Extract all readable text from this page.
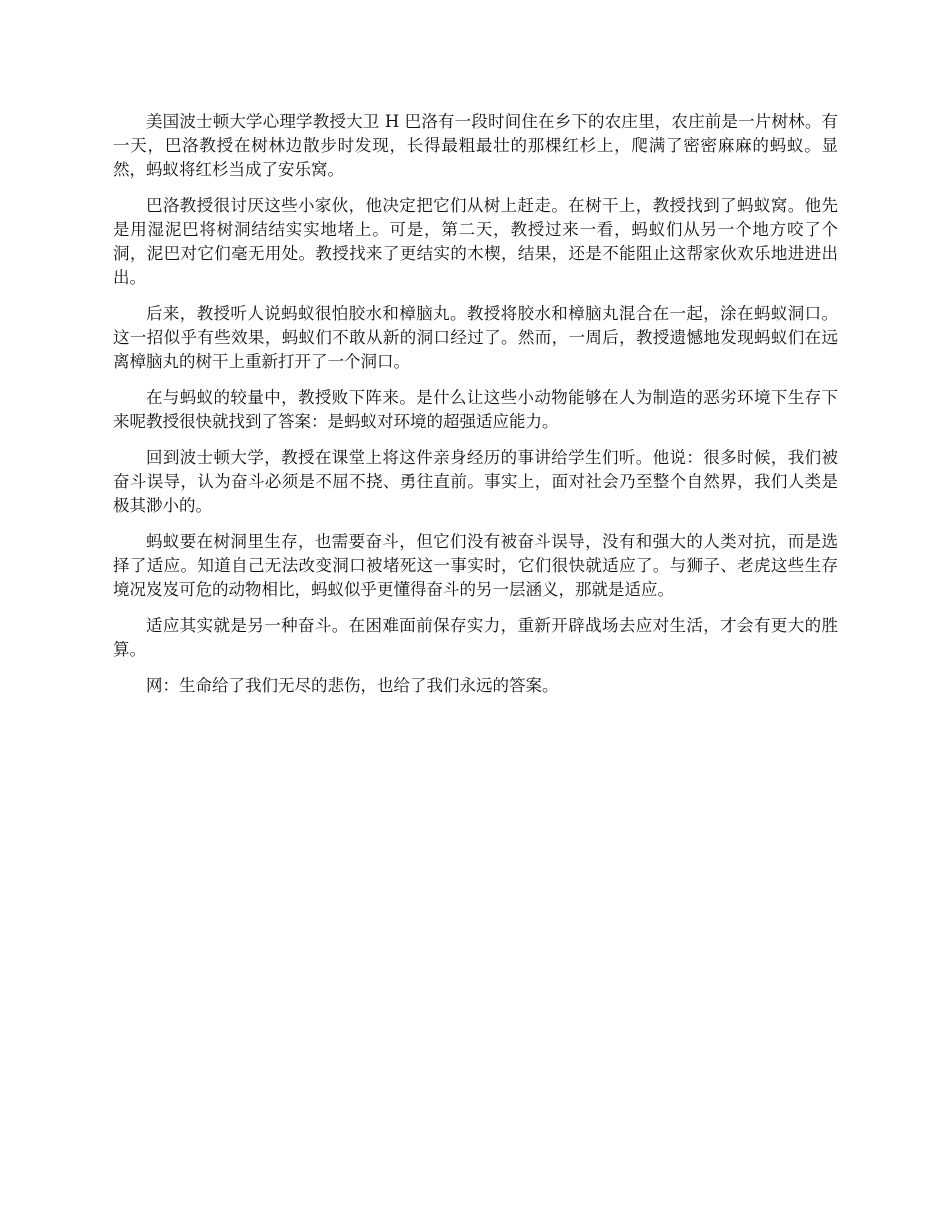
美国波士顿大学心理学教授大卫 H 巴洛有一段时间住在乡下的农庄里，农庄前是一片树林。有一天，巴洛教授在树林边散步时发现，长得最粗最壮的那棵红杉上，爬满了密密麻麻的蚂蚁。显然，蚂蚁将红杉当成了安乐窝。

巴洛教授很讨厌这些小家伙，他决定把它们从树上赶走。在树干上，教授找到了蚂蚁窝。他先是用湿泥巴将树洞结结实实地堵上。可是，第二天，教授过来一看，蚂蚁们从另一个地方咬了个洞，泥巴对它们毫无用处。教授找来了更结实的木楔，结果，还是不能阻止这帮家伙欢乐地进进出出。

后来，教授听人说蚂蚁很怕胶水和樟脑丸。教授将胶水和樟脑丸混合在一起，涂在蚂蚁洞口。这一招似乎有些效果，蚂蚁们不敢从新的洞口经过了。然而，一周后，教授遗憾地发现蚂蚁们在远离樟脑丸的树干上重新打开了一个洞口。

在与蚂蚁的较量中，教授败下阵来。是什么让这些小动物能够在人为制造的恶劣环境下生存下来呢教授很快就找到了答案：是蚂蚁对环境的超强适应能力。

回到波士顿大学，教授在课堂上将这件亲身经历的事讲给学生们听。他说：很多时候，我们被奋斗误导，认为奋斗必须是不屈不挠、勇往直前。事实上，面对社会乃至整个自然界，我们人类是极其渺小的。

蚂蚁要在树洞里生存，也需要奋斗，但它们没有被奋斗误导，没有和强大的人类对抗，而是选择了适应。知道自己无法改变洞口被堵死这一事实时，它们很快就适应了。与狮子、老虎这些生存境况岌岌可危的动物相比，蚂蚁似乎更懂得奋斗的另一层涵义，那就是适应。

适应其实就是另一种奋斗。在困难面前保存实力，重新开辟战场去应对生活，才会有更大的胜算。

网：生命给了我们无尽的悲伤，也给了我们永远的答案。
